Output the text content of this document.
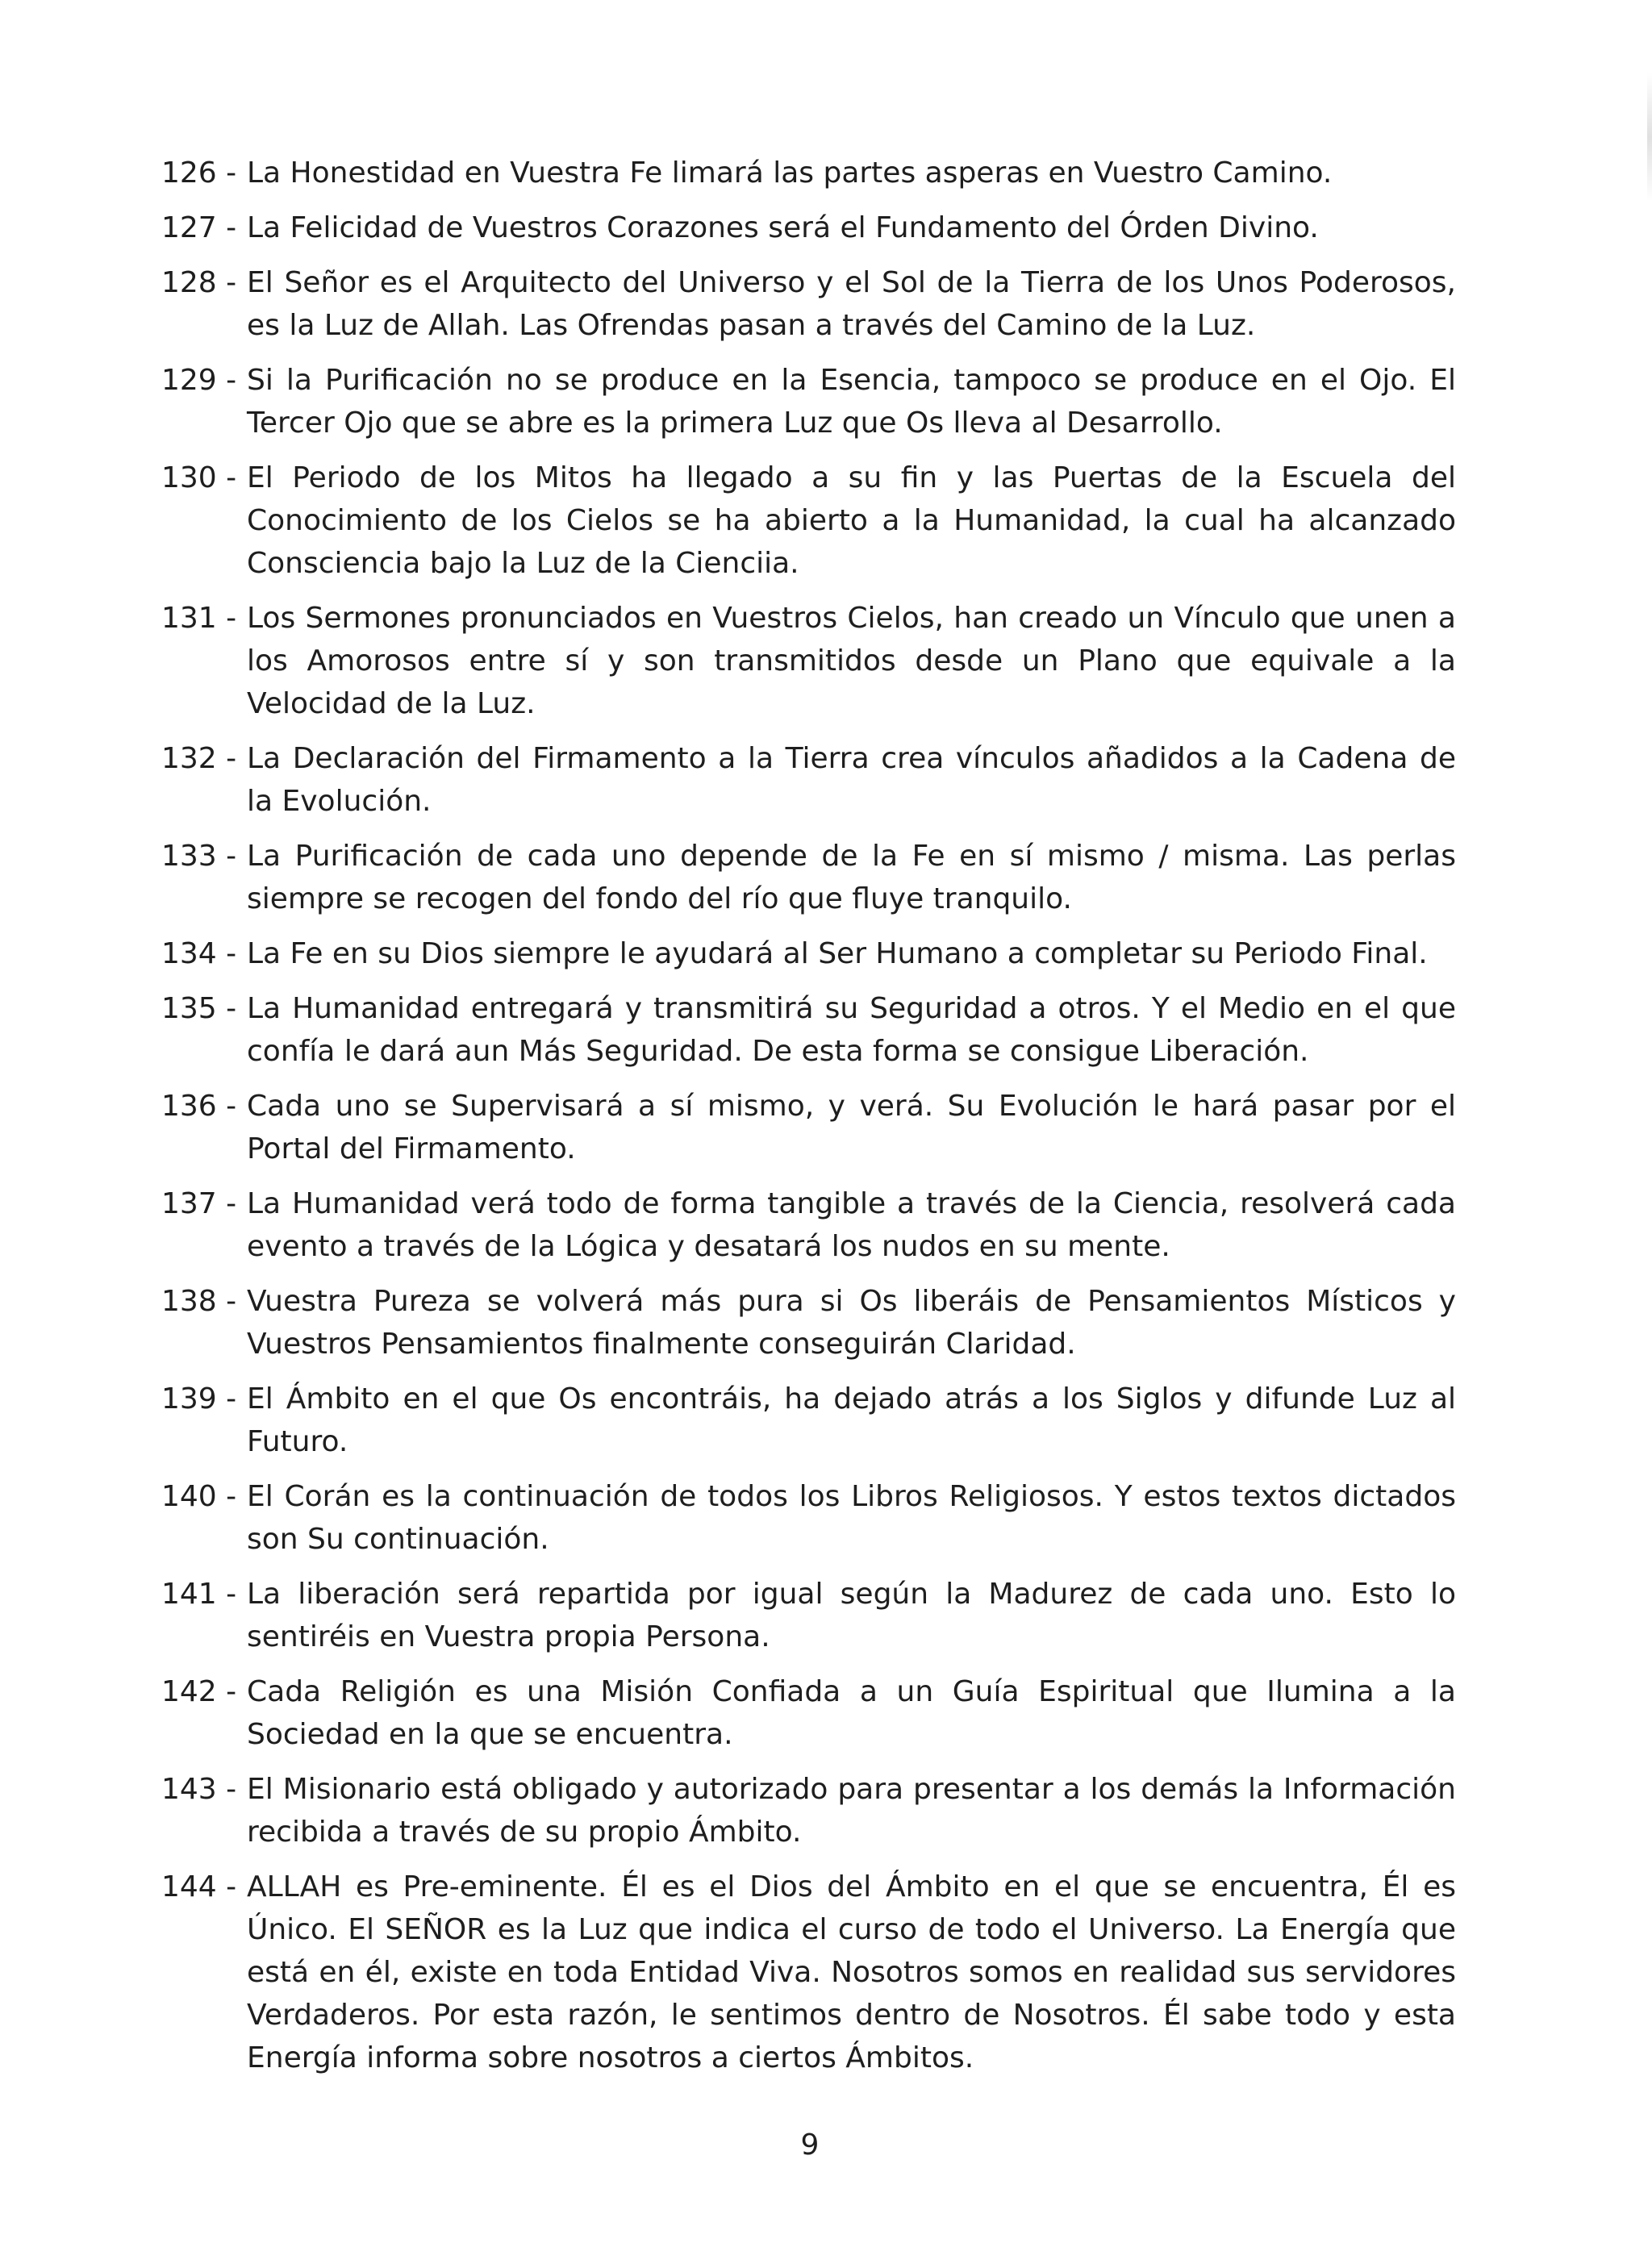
126 - La Honestidad en Vuestra Fe limará las partes asperas en Vuestro Camino.
127 - La Felicidad de Vuestros Corazones será el Fundamento del Órden Divino.
128 - El Señor es el Arquitecto del Universo y el Sol de la Tierra de los Unos Poderosos, es la Luz de Allah. Las Ofrendas pasan a través del Camino de la Luz.
129 - Si la Purificación no se produce en la Esencia, tampoco se produce en el Ojo. El Tercer Ojo que se abre es la primera Luz que Os lleva al Desarrollo.
130 - El Periodo de los Mitos ha llegado a su fin y las Puertas de la Escuela del Conocimiento de los Cielos se ha abierto a la Humanidad, la cual ha alcanzado Consciencia bajo la Luz de la Cienciia.
131 - Los Sermones pronunciados en Vuestros Cielos, han creado un Vínculo que unen a los Amorosos entre sí y son transmitidos desde un Plano que equivale a la Velocidad de la Luz.
132 - La Declaración del Firmamento a la Tierra crea vínculos añadidos a la Cadena de la Evolución.
133 - La Purificación de cada uno depende de la Fe en sí mismo / misma. Las perlas siempre se recogen del fondo del río que fluye tranquilo.
134 - La Fe en su Dios siempre le ayudará al Ser Humano a completar su Periodo Final.
135 - La Humanidad entregará y transmitirá su Seguridad a otros. Y el Medio en el que confía le dará aun Más Seguridad. De esta forma se consigue Liberación.
136 - Cada uno se Supervisará a sí mismo, y verá. Su Evolución le hará pasar por el Portal del Firmamento.
137 - La Humanidad verá todo de forma tangible a través de la Ciencia, resolverá cada evento a través de la Lógica y desatará los nudos en su mente.
138 - Vuestra Pureza se volverá más pura si Os liberáis de Pensamientos Místicos y Vuestros Pensamientos finalmente conseguirán Claridad.
139 - El Ámbito en el que Os encontráis, ha dejado atrás a los Siglos y difunde Luz al Futuro.
140 - El Corán es la continuación de todos los Libros Religiosos. Y estos textos dictados son Su continuación.
141 - La liberación será repartida por igual según la Madurez de cada uno. Esto lo sentiréis en Vuestra propia Persona.
142 - Cada Religión es una Misión Confiada a un Guía Espiritual que Ilumina a la Sociedad en la que se encuentra.
143 - El Misionario está obligado y autorizado para presentar a los demás la Información recibida a través de su propio Ámbito.
144 - ALLAH es Pre-eminente. Él es el Dios del Ámbito en el que se encuentra, Él es Único. El SEÑOR es la Luz que indica el curso de todo el Universo. La Energía que está en él, existe en toda Entidad Viva. Nosotros somos en realidad sus servidores Verdaderos. Por esta razón, le sentimos dentro de Nosotros. Él sabe todo y esta Energía informa sobre nosotros a ciertos Ámbitos.
9
